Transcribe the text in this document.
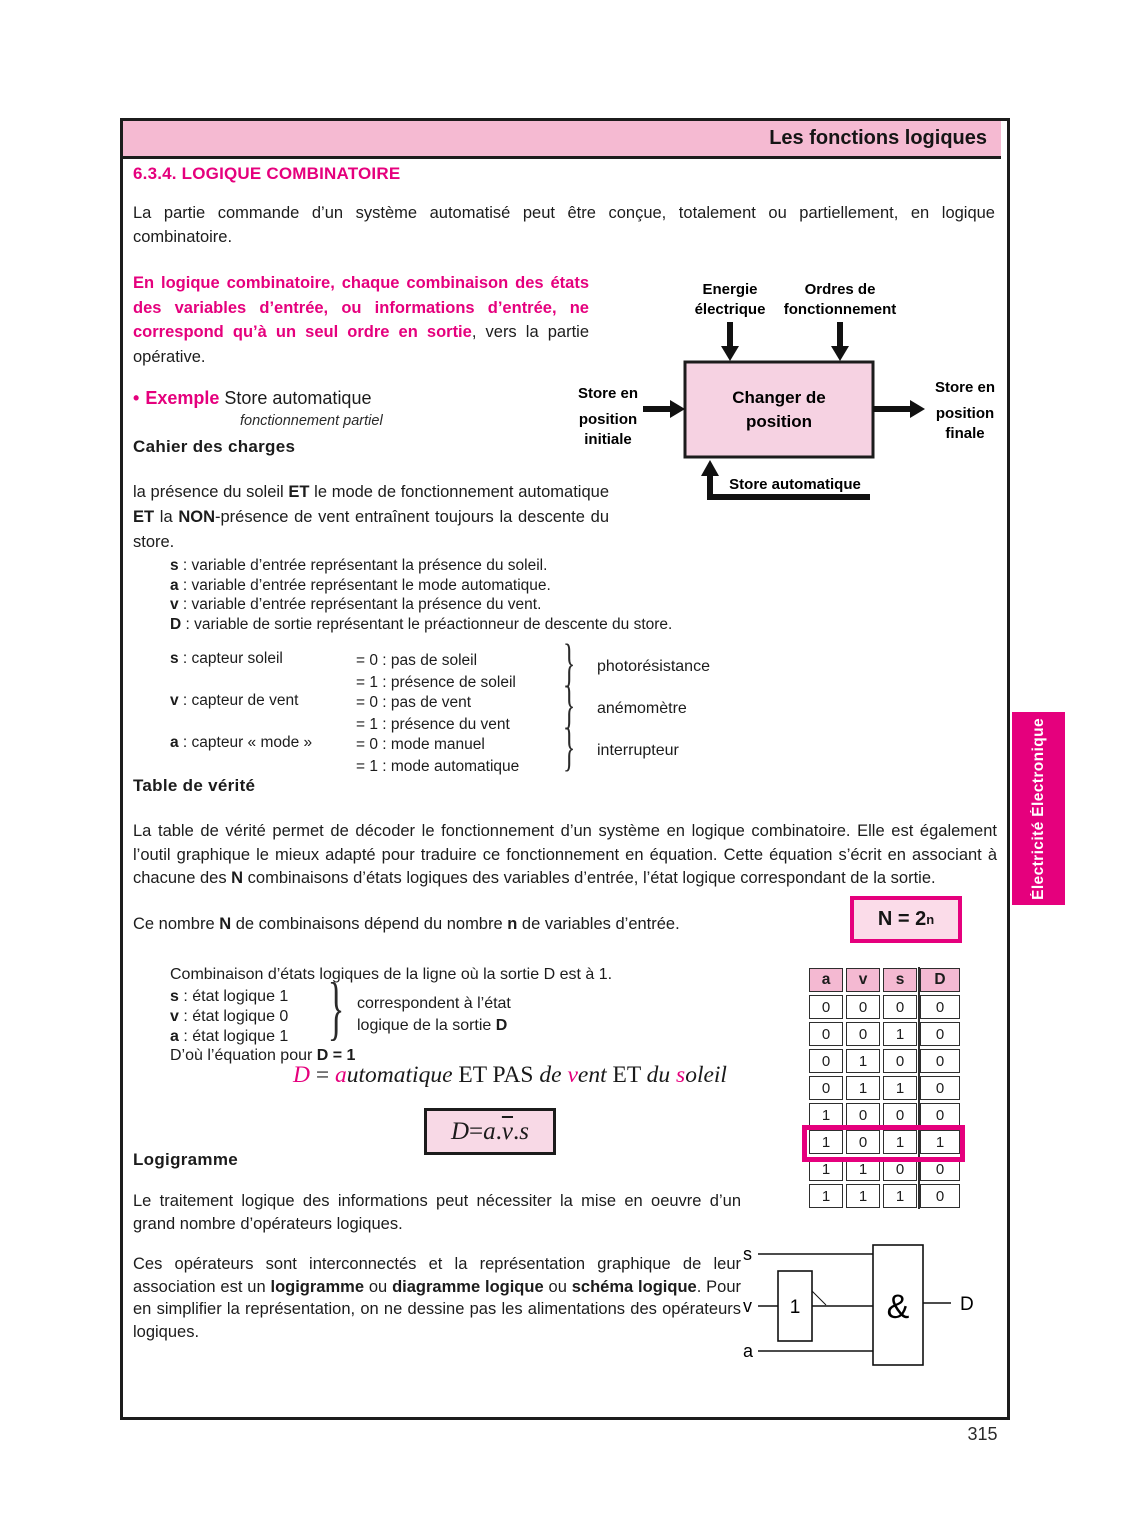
Les fonctions logiques
6.3.4. LOGIQUE COMBINATOIRE
La partie commande d’un système automatisé peut être conçue, totalement ou partiellement, en logique combinatoire.
En logique combinatoire, chaque combinaison des états des variables d’entrée, ou informations d’entrée, ne correspond qu’à un seul ordre en sortie, vers la partie opérative.
• Exemple Store automatique
fonctionnement partiel
Cahier des charges
Energie
électrique
Ordres de
fonctionnement
Changer de
position
Store en
position
initiale
Store en
position
finale
Store automatique
la présence du soleil ET le mode de fonctionnement automatique ET la NON-présence de vent entraînent toujours la descente du store.
s : variable d’entrée représentant la présence du soleil.
a : variable d’entrée représentant le mode automatique.
v : variable d’entrée représentant la présence du vent.
D : variable de sortie représentant le préactionneur de descente du store.
s : capteur soleil	= 0 : pas de soleil
= 1 : présence de soleil } photorésistance
v : capteur de vent	= 0 : pas de vent
= 1 : présence du vent } anémomètre
a : capteur « mode »	= 0 : mode manuel
= 1 : mode automatique } interrupteur
Table de vérité
La table de vérité permet de décoder le fonctionnement d’un système en logique combinatoire. Elle est également l’outil graphique le mieux adapté pour traduire ce fonctionnement en équation. Cette équation s’écrit en associant à chacune des N combinaisons d’états logiques des variables d’entrée, l’état logique correspondant de la sortie.
Ce nombre N de combinaisons dépend du nombre n de variables d’entrée.	N = 2 n
Combinaison d’états logiques de la ligne où la sortie D est à 1.
s : état logique 1
v : état logique 0
a : état logique 1 } correspondent à l’état
logique de la sortie D
D’où l’équation pour D = 1
D = automatique ET PAS de vent ET du soleil
D = a . $\overline{v}$ . s
a	v	s	D
0	0	0	0
0	0	1	0
0	1	0	0
0	1	1	0
1	0	0	0
1	0	1	1
1	1	0	0
1	1	1	0
Logigramme
Le traitement logique des informations peut nécessiter la mise en oeuvre d’un grand nombre d’opérateurs logiques.
Ces opérateurs sont interconnectés et la représentation graphique de leur association est un logigramme ou diagramme logique ou schéma logique. Pour en simplifier la représentation, on ne dessine pas les alimentations des opérateurs logiques.
s
v 1
a
&	D
Électricité Électronique
315
